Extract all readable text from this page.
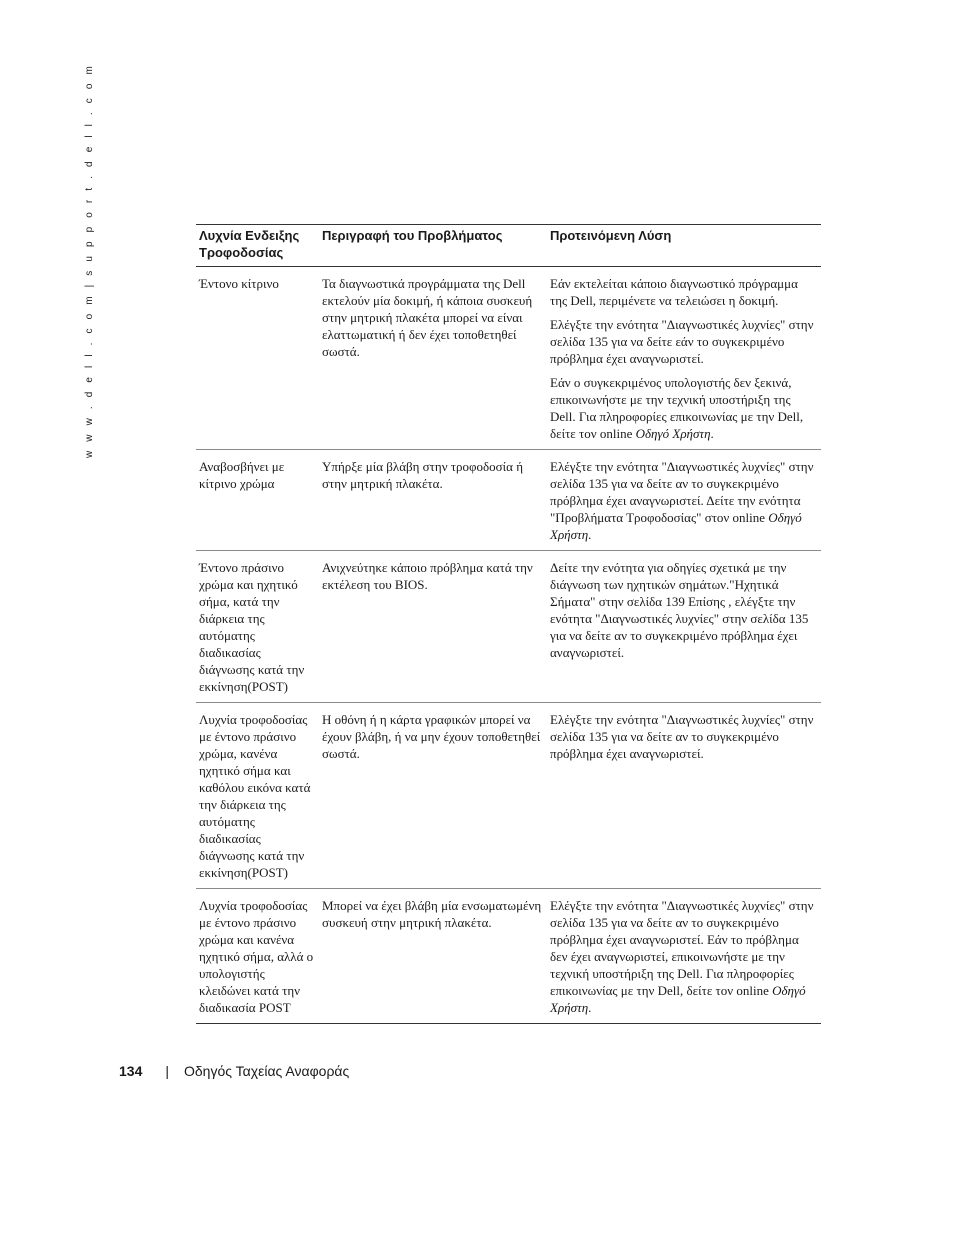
w w w . d e l l . c o m | s u p p o r t . d e l l . c o m	Λυχνία Ενδειξης Τροφοδοσίας	Περιγραφή του Προβλήματος	Προτεινόμενη Λύση
Έντονο κίτρινο	Τα διαγνωστικά προγράμματα της Dell εκτελούν μία δοκιμή, ή κάποια συσκευή στην μητρική πλακέτα μπορεί να είναι ελαττωματική ή δεν έχει τοποθετηθεί σωστά.	Εάν εκτελείται κάποιο διαγνωστικό πρόγραμμα της Dell, περιμένετε να τελειώσει η δοκιμή.

Ελέγξτε την ενότητα "Διαγνωστικές λυχνίες" στην σελίδα 135 για να δείτε εάν το συγκεκριμένο πρόβλημα έχει αναγνωριστεί.

Εάν ο συγκεκριμένος υπολογιστής δεν ξεκινά, επικοινωνήστε με την τεχνική υποστήριξη της Dell. Για πληροφορίες επικοινωνίας με την Dell, δείτε τον online Οδηγό Χρήστη.

Αναβοσβήνει με κίτρινο χρώμα	Υπήρξε μία βλάβη στην τροφοδοσία ή στην μητρική πλακέτα.	Ελέγξτε την ενότητα "Διαγνωστικές λυχνίες" στην σελίδα 135 για να δείτε αν το συγκεκριμένο πρόβλημα έχει αναγνωριστεί. Δείτε την ενότητα "Προβλήματα Τροφοδοσίας" στον online Οδηγό Χρήστη.

Έντονο πράσινο χρώμα και ηχητικό σήμα, κατά την διάρκεια της αυτόματης διαδικασίας διάγνωσης κατά την εκκίνηση(POST)	Ανιχνεύτηκε κάποιο πρόβλημα κατά την εκτέλεση του BIOS.	Δείτε την ενότητα για οδηγίες σχετικά με την διάγνωση των ηχητικών σημάτων."Ηχητικά Σήματα" στην σελίδα 139 Επίσης , ελέγξτε την ενότητα "Διαγνωστικές λυχνίες" στην σελίδα 135 για να δείτε αν το συγκεκριμένο πρόβλημα έχει αναγνωριστεί.

Λυχνία τροφοδοσίας με έντονο πράσινο χρώμα, κανένα ηχητικό σήμα και καθόλου εικόνα κατά την διάρκεια της αυτόματης διαδικασίας διάγνωσης κατά την εκκίνηση(POST)	Η οθόνη ή η κάρτα γραφικών μπορεί να έχουν βλάβη, ή να μην έχουν τοποθετηθεί σωστά.	Ελέγξτε την ενότητα "Διαγνωστικές λυχνίες" στην σελίδα 135 για να δείτε αν το συγκεκριμένο πρόβλημα έχει αναγνωριστεί.

Λυχνία τροφοδοσίας με έντονο πράσινο χρώμα και κανένα ηχητικό σήμα, αλλά ο υπολογιστής κλειδώνει κατά την διαδικασία POST	Μπορεί να έχει βλάβη μία ενσωματωμένη συσκευή στην μητρική πλακέτα.	Ελέγξτε την ενότητα "Διαγνωστικές λυχνίες" στην σελίδα 135 για να δείτε αν το συγκεκριμένο πρόβλημα έχει αναγνωριστεί. Εάν το πρόβλημα δεν έχει αναγνωριστεί, επικοινωνήστε με την τεχνική υποστήριξη της Dell. Για πληροφορίες επικοινωνίας με την Dell, δείτε τον online Οδηγό Χρήστη.

134 | Οδηγός Ταχείας Αναφοράς
